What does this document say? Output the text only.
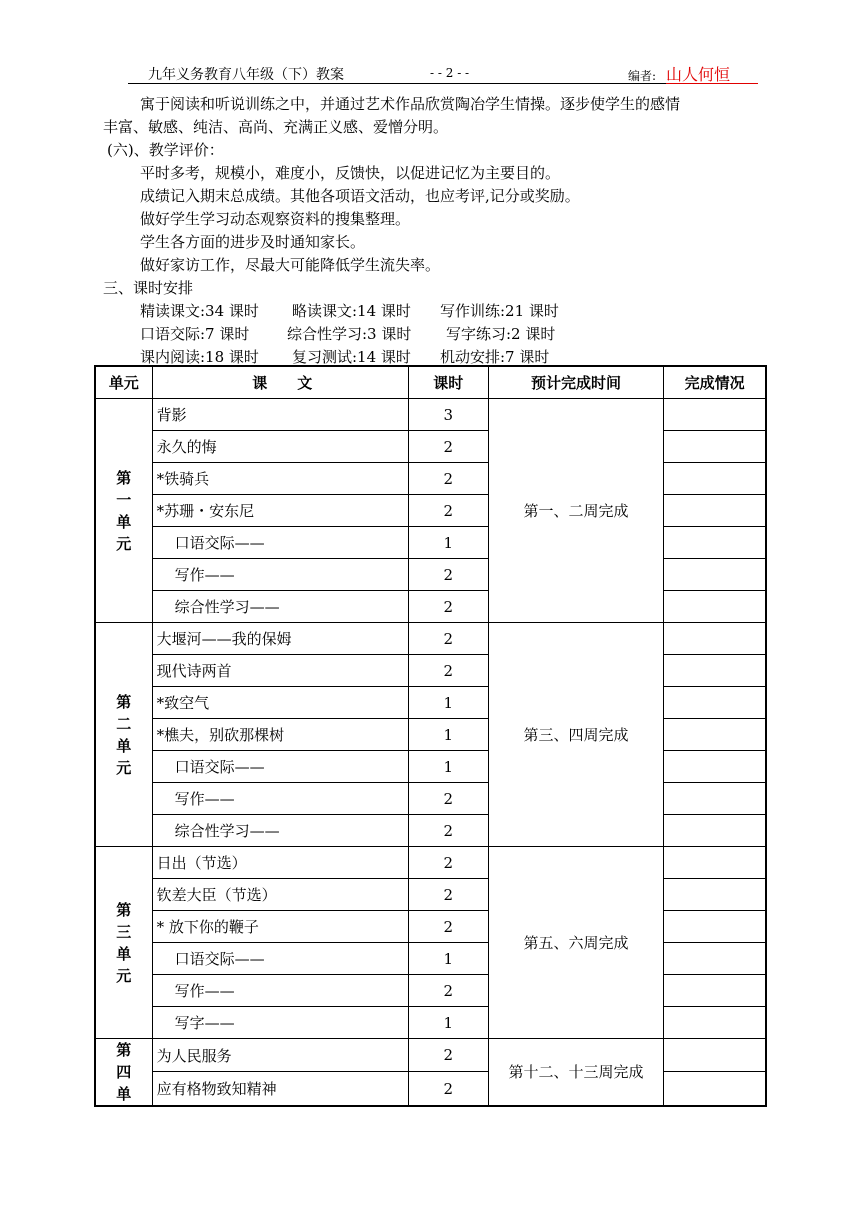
九年义务教育八年级（下）教案	- - 2 - -	编者: 山人何恒

寓于阅读和听说训练之中，并通过艺术作品欣赏陶冶学生情操。逐步使学生的感情

丰富、敏感、纯洁、高尚、充满正义感、爱憎分明。

(六)、教学评价：

平时多考，规模小，难度小，反馈快，以促进记忆为主要目的。

成绩记入期末总成绩。其他各项语文活动，也应考评,记分或奖励。

做好学生学习动态观察资料的搜集整理。

学生各方面的进步及时通知家长。

做好家访工作，尽最大可能降低学生流失率。

三、课时安排

精读课文:34 课时 略读课文:14 课时 写作训练:21 课时

口语交际:7 课时	综合性学习:3 课时 写字练习:2 课时

课内阅读:18 课时 复习测试:14 课时 机动安排:7 课时

单元	课　　文	课时	预计完成时间	完成情况

第
一
单
元	背影	3	第一、二周完成	
	永久的悔	2		
	*铁骑兵	2		
	*苏珊・安东尼	2		
	口语交际——	1		
	写作——	2		
	综合性学习——	2		

第
二
单
元	大堰河——我的保姆	2	第三、四周完成	
	现代诗两首	2		
	*致空气	1		
	*樵夫，别砍那棵树	1		
	口语交际——	1		
	写作——	2		
	综合性学习——	2		

第
三
单
元	日出（节选）	2	第五、六周完成	
	钦差大臣（节选）	2		
	* 放下你的鞭子	2		
	口语交际——	1		
	写作——	2		
	写字——	1		

第
四
单	为人民服务	2	第十二、十三周完成	
	应有格物致知精神	2		
